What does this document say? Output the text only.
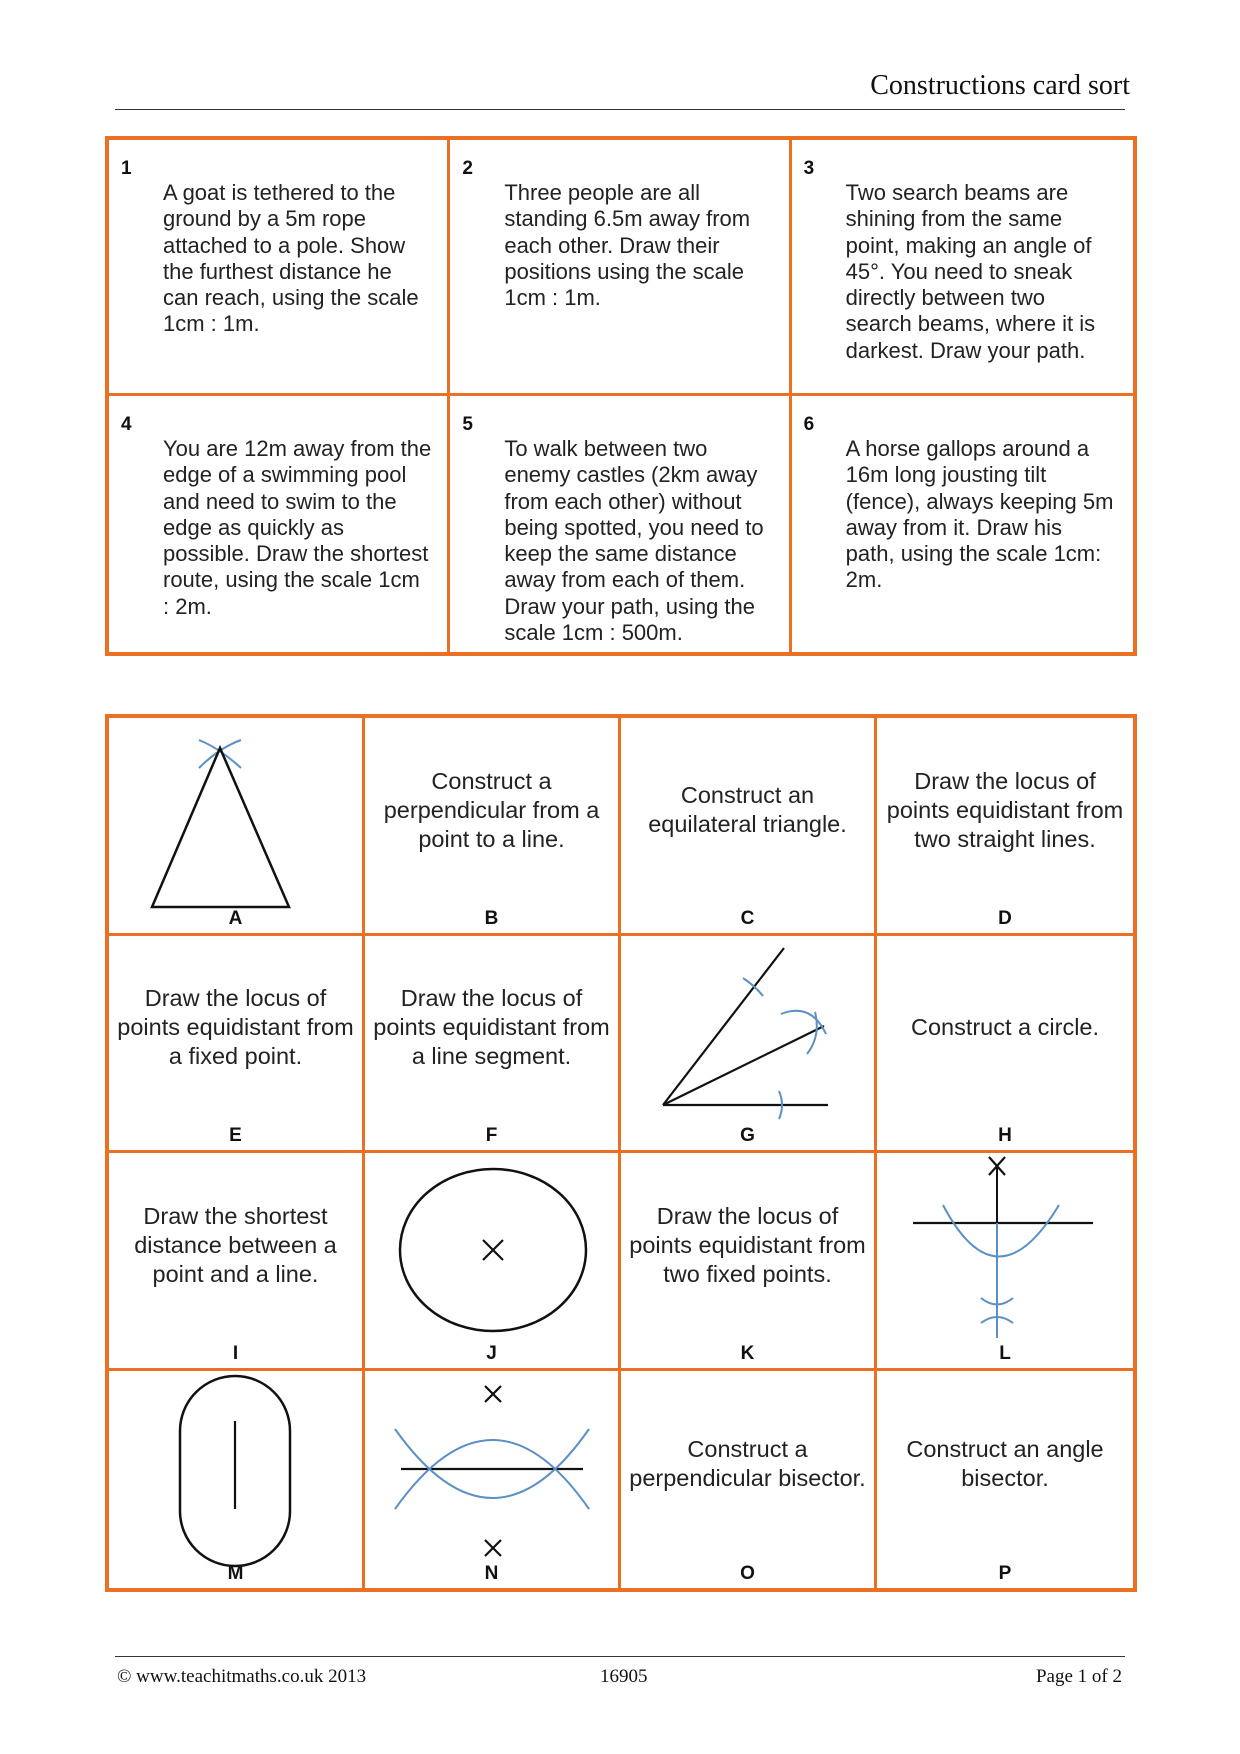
Constructions card sort
1
A goat is tethered to the ground by a 5m rope attached to a pole. Show the furthest distance he can reach, using the scale 1cm : 1m.
2
Three people are all standing 6.5m away from each other. Draw their positions using the scale 1cm : 1m.
3
Two search beams are shining from the same point, making an angle of 45°. You need to sneak directly between two search beams, where it is darkest. Draw your path.
4
You are 12m away from the edge of a swimming pool and need to swim to the edge as quickly as possible. Draw the shortest route, using the scale 1cm : 2m.
5
To walk between two enemy castles (2km away from each other) without being spotted, you need to keep the same distance away from each of them. Draw your path, using the scale 1cm : 500m.
6
A horse gallops around a 16m long jousting tilt (fence), always keeping 5m away from it. Draw his path, using the scale 1cm: 2m.
A
Construct a perpendicular from a point to a line.
B
Construct an equilateral triangle.
C
Draw the locus of points equidistant from two straight lines.
D
Draw the locus of points equidistant from a fixed point.
E
Draw the locus of points equidistant from a line segment.
F	G
Construct a circle.
H
Draw the shortest distance between a point and a line.
I	J
Draw the locus of points equidistant from two fixed points.
K	L
M	N
Construct a perpendicular bisector.
O
Construct an angle bisector.
P
© www.teachitmaths.co.uk 2013	16905	Page 1 of 2
